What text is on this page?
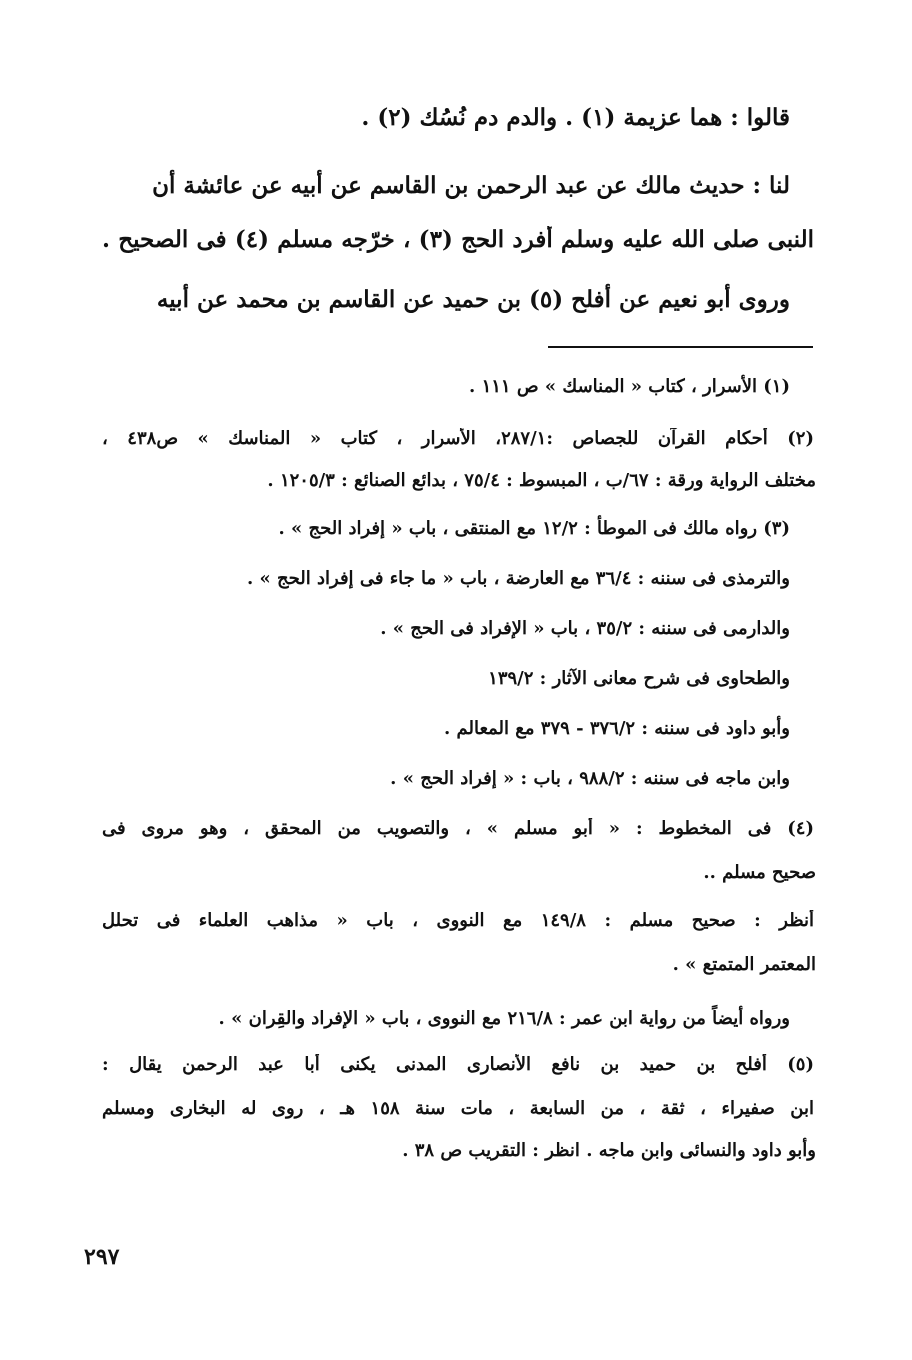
قالوا : هما عزيمة (١) . والدم دم نُسُك (٢) .
لنا : حديث مالك عن عبد الرحمن بن القاسم عن أبيه عن عائشة أن
النبى صلى الله عليه وسلم أفرد الحج (٣) ، خرّجه مسلم (٤) فى الصحيح .
وروى أبو نعيم عن أفلح (٥) بن حميد عن القاسم بن محمد عن أبيه
(١) الأسرار ، كتاب « المناسك » ص ١١١ .
(٢) أحكام القرآن للجصاص :٢٨٧/١، الأسرار ، كتاب « المناسك » ص٤٣٨ ،
مختلف الرواية ورقة : ٦٧/ب ، المبسوط : ٧٥/٤ ، بدائع الصنائع : ١٢٠٥/٣ .
(٣) رواه مالك فى الموطأ : ١٢/٢ مع المنتقى ، باب « إفراد الحج » .
والترمذى فى سننه : ٣٦/٤ مع العارضة ، باب « ما جاء فى إفراد الحج » .
والدارمى فى سننه : ٣٥/٢ ، باب « الإفراد فى الحج » .
والطحاوى فى شرح معانى الآثار : ١٣٩/٢
وأبو داود فى سننه : ٣٧٦/٢ - ٣٧٩ مع المعالم .
وابن ماجه فى سننه : ٩٨٨/٢ ، باب : « إفراد الحج » .
(٤) فى المخطوط : « أبو مسلم » ، والتصويب من المحقق ، وهو مروى فى
صحيح مسلم ..
أنظر : صحيح مسلم : ١٤٩/٨ مع النووى ، باب « مذاهب العلماء فى تحلل
المعتمر المتمتع » .
ورواه أيضاً من رواية ابن عمر : ٢١٦/٨ مع النووى ، باب « الإفراد والقِران » .
(٥) أفلح بن حميد بن نافع الأنصارى المدنى يكنى أبا عبد الرحمن يقال :
ابن صفيراء ، ثقة ، من السابعة ، مات سنة ١٥٨ هـ ، روى له البخارى ومسلم
وأبو داود والنسائى وابن ماجه . انظر : التقريب ص ٣٨ .
٢٩٧
